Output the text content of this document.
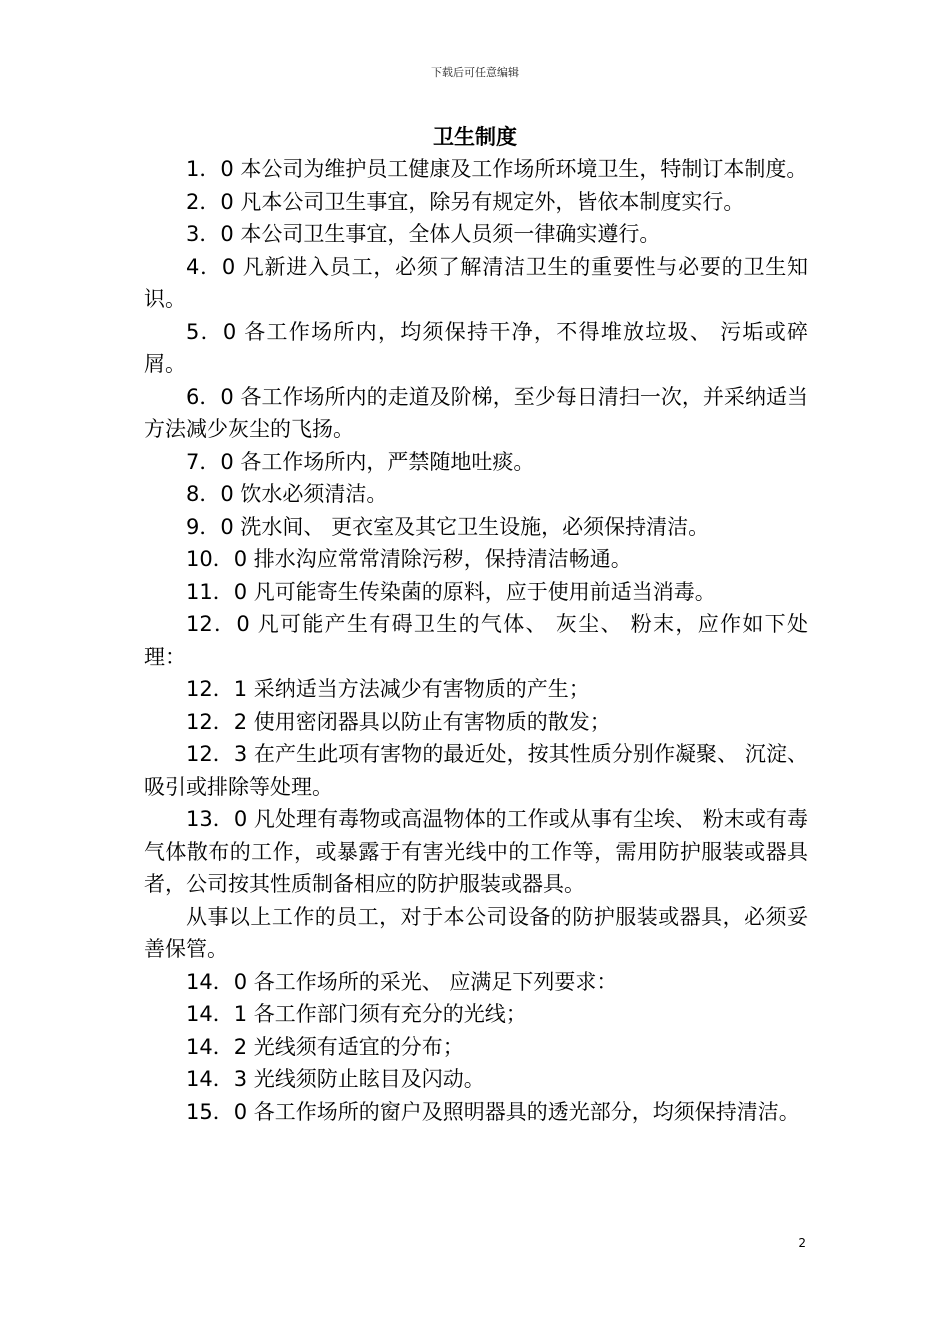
下载后可任意编辑
卫生制度

1．0 本公司为维护员工健康及工作场所环境卫生，特制订本制度。

2．0 凡本公司卫生事宜，除另有规定外，皆依本制度实行。

3．0 本公司卫生事宜，全体人员须一律确实遵行。

4．0 凡新进入员工，必须了解清洁卫生的重要性与必要的卫生知识。

5．0 各工作场所内，均须保持干净，不得堆放垃圾、 污垢或碎屑。

6．0 各工作场所内的走道及阶梯，至少每日清扫一次，并采纳适当方法减少灰尘的飞扬。

7．0 各工作场所内，严禁随地吐痰。

8．0 饮水必须清洁。

9．0 洗水间、 更衣室及其它卫生设施，必须保持清洁。

10．0 排水沟应常常清除污秽，保持清洁畅通。

11．0 凡可能寄生传染菌的原料，应于使用前适当消毒。

12．0 凡可能产生有碍卫生的气体、 灰尘、 粉末，应作如下处理：

12．1 采纳适当方法减少有害物质的产生；

12．2 使用密闭器具以防止有害物质的散发；

12．3 在产生此项有害物的最近处，按其性质分别作凝聚、 沉淀、 吸引或排除等处理。

13．0 凡处理有毒物或高温物体的工作或从事有尘埃、 粉末或有毒气体散布的工作，或暴露于有害光线中的工作等，需用防护服装或器具者，公司按其性质制备相应的防护服装或器具。

从事以上工作的员工，对于本公司设备的防护服装或器具，必须妥善保管。

14．0 各工作场所的采光、 应满足下列要求：

14．1 各工作部门须有充分的光线；

14．2 光线须有适宜的分布；

14．3 光线须防止眩目及闪动。

15．0 各工作场所的窗户及照明器具的透光部分，均须保持清洁。

2
